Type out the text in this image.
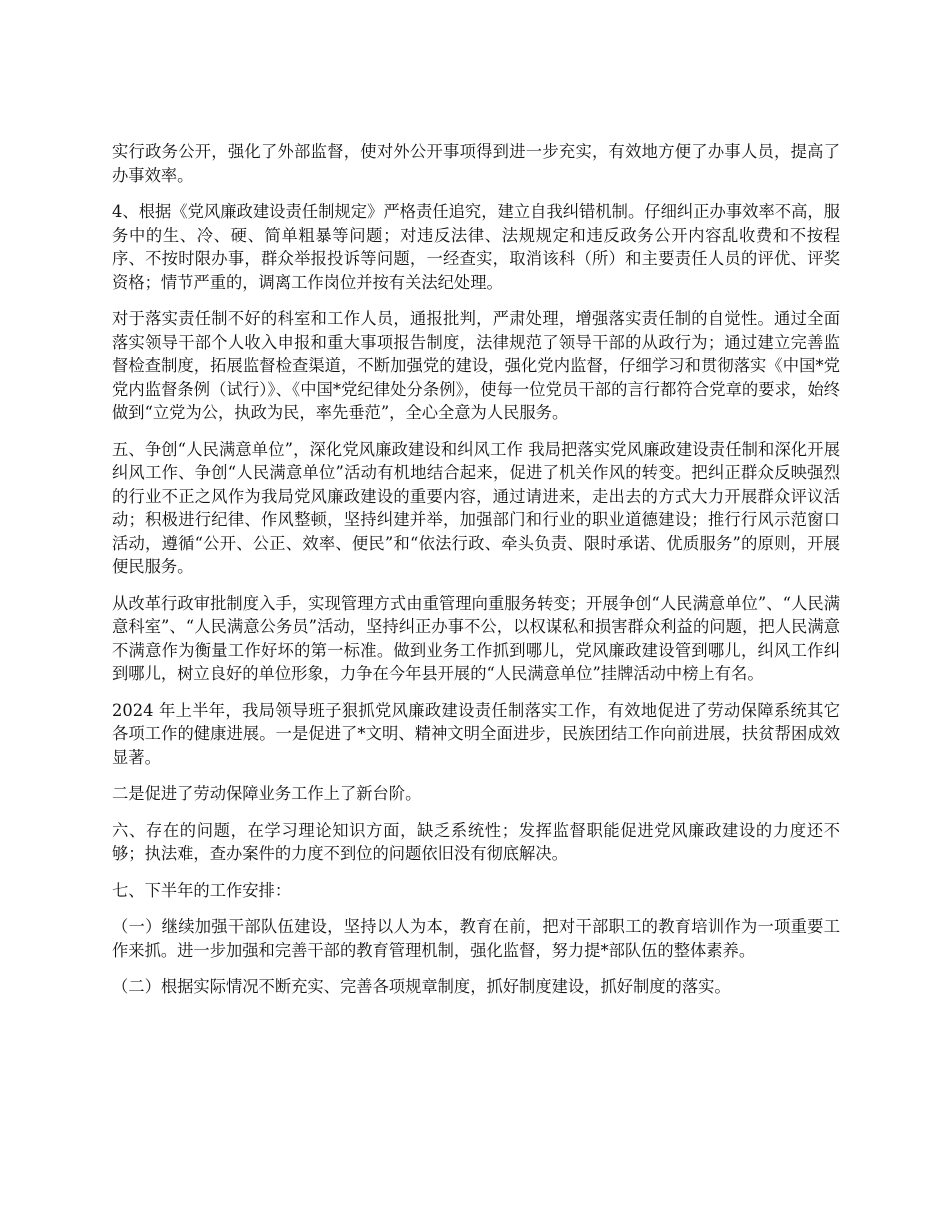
实行政务公开，强化了外部监督，使对外公开事项得到进一步充实，有效地方便了办事人员，提高了办事效率。

4、根据《党风廉政建设责任制规定》严格责任追究，建立自我纠错机制。仔细纠正办事效率不高，服务中的生、冷、硬、简单粗暴等问题；对违反法律、法规规定和违反政务公开内容乱收费和不按程序、不按时限办事，群众举报投诉等问题，一经查实，取消该科（所）和主要责任人员的评优、评奖资格；情节严重的，调离工作岗位并按有关法纪处理。

对于落实责任制不好的科室和工作人员，通报批判，严肃处理，增强落实责任制的自觉性。通过全面落实领导干部个人收入申报和重大事项报告制度，法律规范了领导干部的从政行为；通过建立完善监督检查制度，拓展监督检查渠道，不断加强党的建设，强化党内监督，仔细学习和贯彻落实《中国*党党内监督条例（试行）》、《中国*党纪律处分条例》，使每一位党员干部的言行都符合党章的要求，始终做到“立党为公，执政为民，率先垂范”，全心全意为人民服务。

五、争创“人民满意单位”，深化党风廉政建设和纠风工作 我局把落实党风廉政建设责任制和深化开展纠风工作、争创“人民满意单位”活动有机地结合起来，促进了机关作风的转变。把纠正群众反映强烈的行业不正之风作为我局党风廉政建设的重要内容，通过请进来，走出去的方式大力开展群众评议活动；积极进行纪律、作风整顿，坚持纠建并举，加强部门和行业的职业道德建设；推行行风示范窗口活动，遵循“公开、公正、效率、便民”和“依法行政、牵头负责、限时承诺、优质服务”的原则，开展便民服务。

从改革行政审批制度入手，实现管理方式由重管理向重服务转变；开展争创“人民满意单位”、“人民满意科室”、“人民满意公务员”活动，坚持纠正办事不公，以权谋私和损害群众利益的问题，把人民满意不满意作为衡量工作好坏的第一标准。做到业务工作抓到哪儿，党风廉政建设管到哪儿，纠风工作纠到哪儿，树立良好的单位形象，力争在今年县开展的“人民满意单位”挂牌活动中榜上有名。

2024 年上半年，我局领导班子狠抓党风廉政建设责任制落实工作，有效地促进了劳动保障系统其它各项工作的健康进展。一是促进了*文明、精神文明全面进步，民族团结工作向前进展，扶贫帮困成效显著。

二是促进了劳动保障业务工作上了新台阶。

六、存在的问题，在学习理论知识方面，缺乏系统性；发挥监督职能促进党风廉政建设的力度还不够；执法难，查办案件的力度不到位的问题依旧没有彻底解决。

七、下半年的工作安排：

（一）继续加强干部队伍建设，坚持以人为本，教育在前，把对干部职工的教育培训作为一项重要工作来抓。进一步加强和完善干部的教育管理机制，强化监督，努力提*部队伍的整体素养。

（二）根据实际情况不断充实、完善各项规章制度，抓好制度建设，抓好制度的落实。
